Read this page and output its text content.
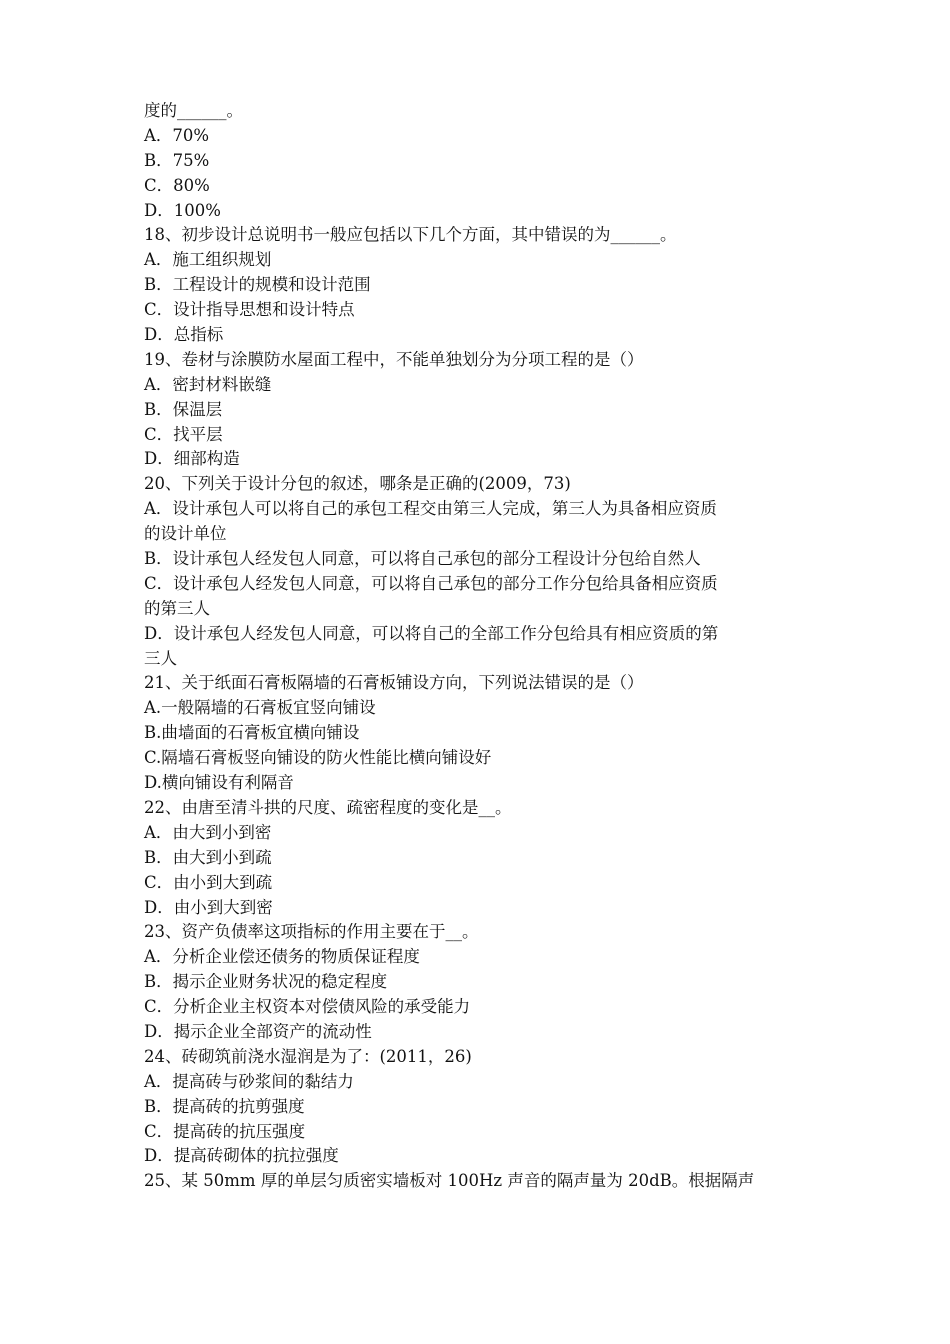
度的______。
A．70%
B．75%
C．80%
D．100%
18、初步设计总说明书一般应包括以下几个方面，其中错误的为______。
A．施工组织规划
B．工程设计的规模和设计范围
C．设计指导思想和设计特点
D．总指标
19、卷材与涂膜防水屋面工程中，不能单独划分为分项工程的是（）
A．密封材料嵌缝
B．保温层
C．找平层
D．细部构造
20、下列关于设计分包的叙述，哪条是正确的(2009，73)
A．设计承包人可以将自己的承包工程交由第三人完成，第三人为具备相应资质
的设计单位
B．设计承包人经发包人同意，可以将自己承包的部分工程设计分包给自然人
C．设计承包人经发包人同意，可以将自己承包的部分工作分包给具备相应资质
的第三人
D．设计承包人经发包人同意，可以将自己的全部工作分包给具有相应资质的第
三人
21、关于纸面石膏板隔墙的石膏板铺设方向，下列说法错误的是（）
A.一般隔墙的石膏板宜竖向铺设
B.曲墙面的石膏板宜横向铺设
C.隔墙石膏板竖向铺设的防火性能比横向铺设好
D.横向铺设有利隔音
22、由唐至清斗拱的尺度、疏密程度的变化是__。
A．由大到小到密
B．由大到小到疏
C．由小到大到疏
D．由小到大到密
23、资产负债率这项指标的作用主要在于__。
A．分析企业偿还债务的物质保证程度
B．揭示企业财务状况的稳定程度
C．分析企业主权资本对偿债风险的承受能力
D．揭示企业全部资产的流动性
24、砖砌筑前浇水湿润是为了：(2011，26)
A．提高砖与砂浆间的黏结力
B．提高砖的抗剪强度
C．提高砖的抗压强度
D．提高砖砌体的抗拉强度
25、某 50mm 厚的单层匀质密实墙板对 100Hz 声音的隔声量为 20dB。根据隔声
